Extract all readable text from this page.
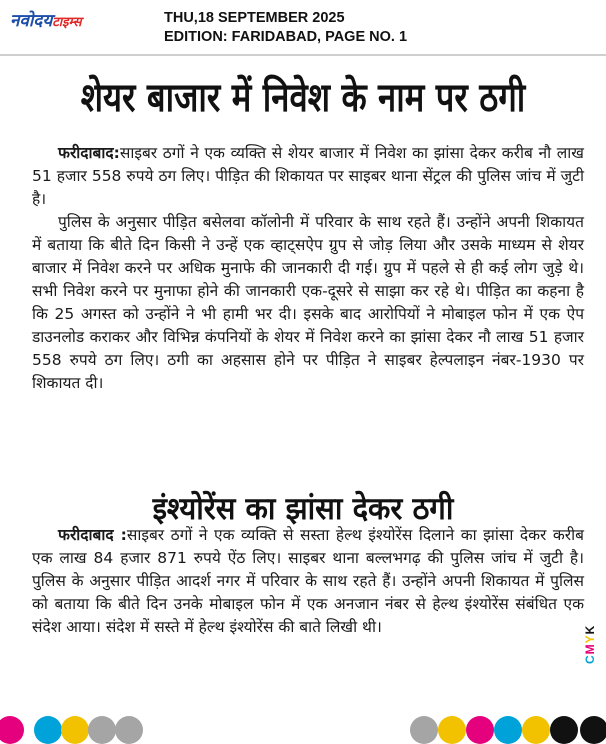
नवोदयटाइम्स	THU,18 SEPTEMBER 2025
EDITION: FARIDABAD, PAGE NO. 1
शेयर बाजार में निवेश के नाम पर ठगी

फरीदाबाद:साइबर ठगों ने एक व्यक्ति से शेयर बाजार में निवेश का झांसा देकर करीब नौ लाख 51 हजार 558 रुपये ठग लिए। पीड़ित की शिकायत पर साइबर थाना सेंट्रल की पुलिस जांच में जुटी है।

पुलिस के अनुसार पीड़ित बसेलवा कॉलोनी में परिवार के साथ रहते हैं। उन्होंने अपनी शिकायत में बताया कि बीते दिन किसी ने उन्हें एक व्हाट्सऐप ग्रुप से जोड़ लिया और उसके माध्यम से शेयर बाजार में निवेश करने पर अधिक मुनाफे की जानकारी दी गई। ग्रुप में पहले से ही कई लोग जुड़े थे। सभी निवेश करने पर मुनाफा होने की जानकारी एक-दूसरे से साझा कर रहे थे। पीड़ित का कहना है कि 25 अगस्त को उन्होंने ने भी हामी भर दी। इसके बाद आरोपियों ने मोबाइल फोन में एक ऐप डाउनलोड कराकर और विभिन्न कंपनियों के शेयर में निवेश करने का झांसा देकर नौ लाख 51 हजार 558 रुपये ठग लिए। ठगी का अहसास होने पर पीड़ित ने साइबर हेल्पलाइन नंबर-1930 पर शिकायत दी।

इंश्योरेंस का झांसा देकर ठगी

फरीदाबाद :साइबर ठगों ने एक व्यक्ति से सस्ता हेल्थ इंश्योरेंस दिलाने का झांसा देकर करीब एक लाख 84 हजार 871 रुपये ऐंठ लिए। साइबर थाना बल्लभगढ़ की पुलिस जांच में जुटी है। पुलिस के अनुसार पीड़ित आदर्श नगर में परिवार के साथ रहते हैं। उन्होंने अपनी शिकायत में पुलिस को बताया कि बीते दिन उनके मोबाइल फोन में एक अनजान नंबर से हेल्थ इंश्योरेंस संबंधित एक संदेश आया। संदेश में सस्ते में हेल्थ इंश्योरेंस की बाते लिखी थी।

CMYK
